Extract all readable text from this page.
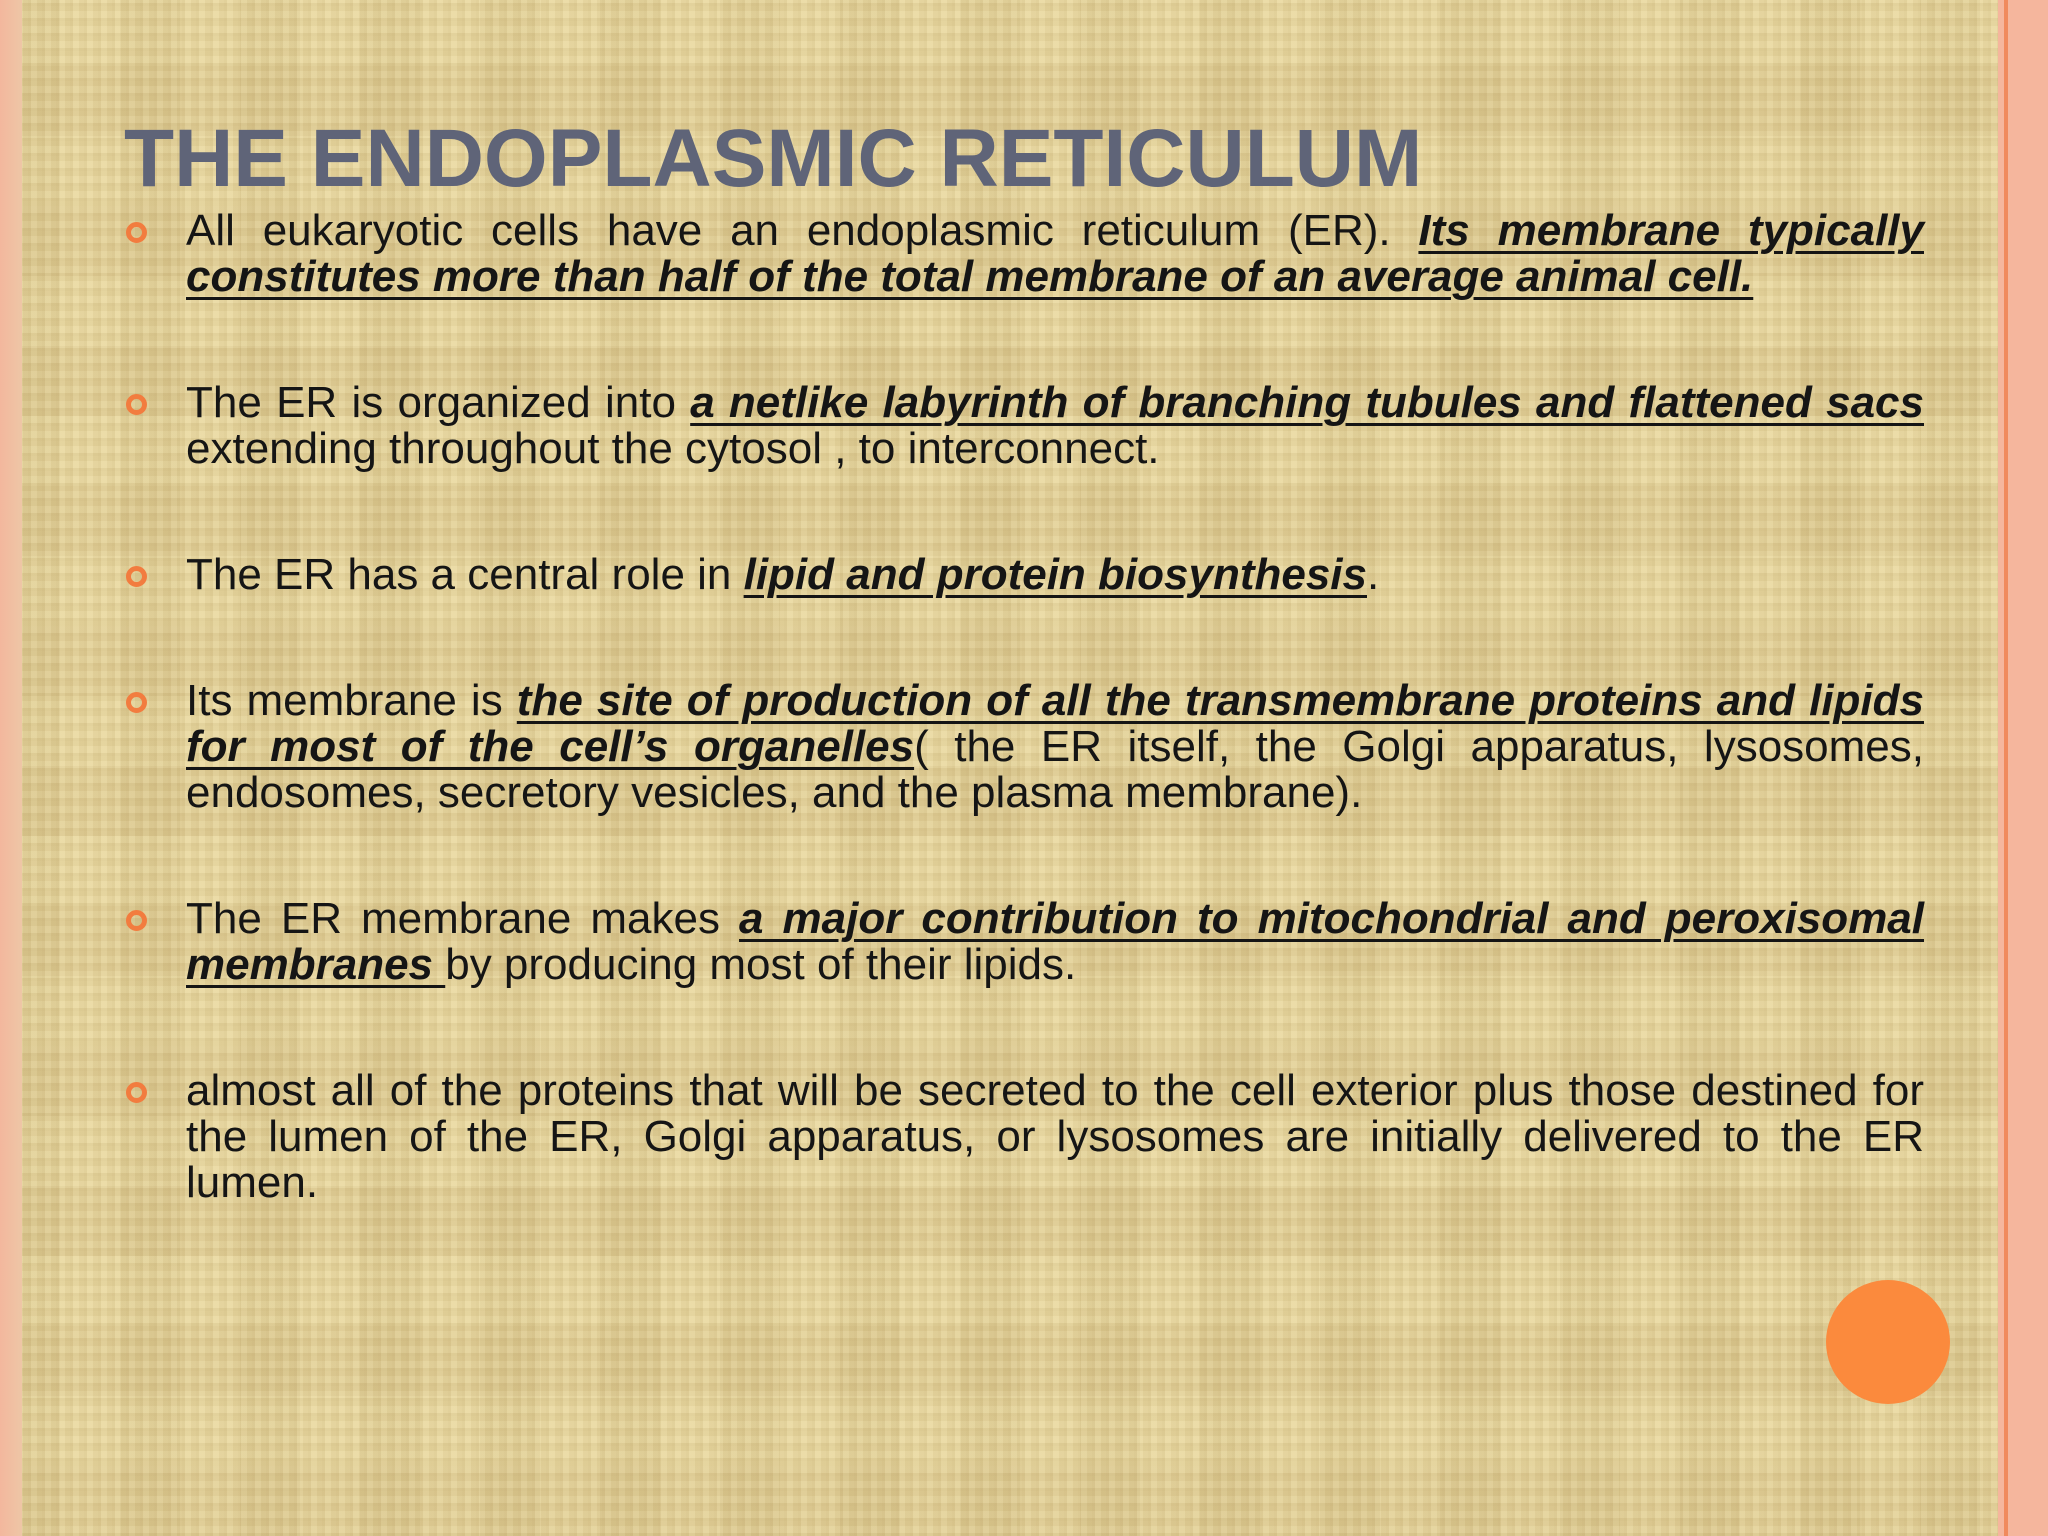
THE ENDOPLASMIC RETICULUM
All eukaryotic cells have an endoplasmic reticulum (ER). Its membrane typically constitutes more than half of the total membrane of an average animal cell.
The ER is organized into a netlike labyrinth of branching tubules and flattened sacs extending throughout the cytosol , to interconnect.
The ER has a central role in lipid and protein biosynthesis.
Its membrane is the site of production of all the transmembrane proteins and lipids for most of the cell’s organelles( the ER itself, the Golgi apparatus, lysosomes, endosomes, secretory vesicles, and the plasma membrane).
The ER membrane makes a major contribution to mitochondrial and peroxisomal membranes by producing most of their lipids.
almost all of the proteins that will be secreted to the cell exterior plus those destined for the lumen of the ER, Golgi apparatus, or lysosomes are initially delivered to the ER lumen.
